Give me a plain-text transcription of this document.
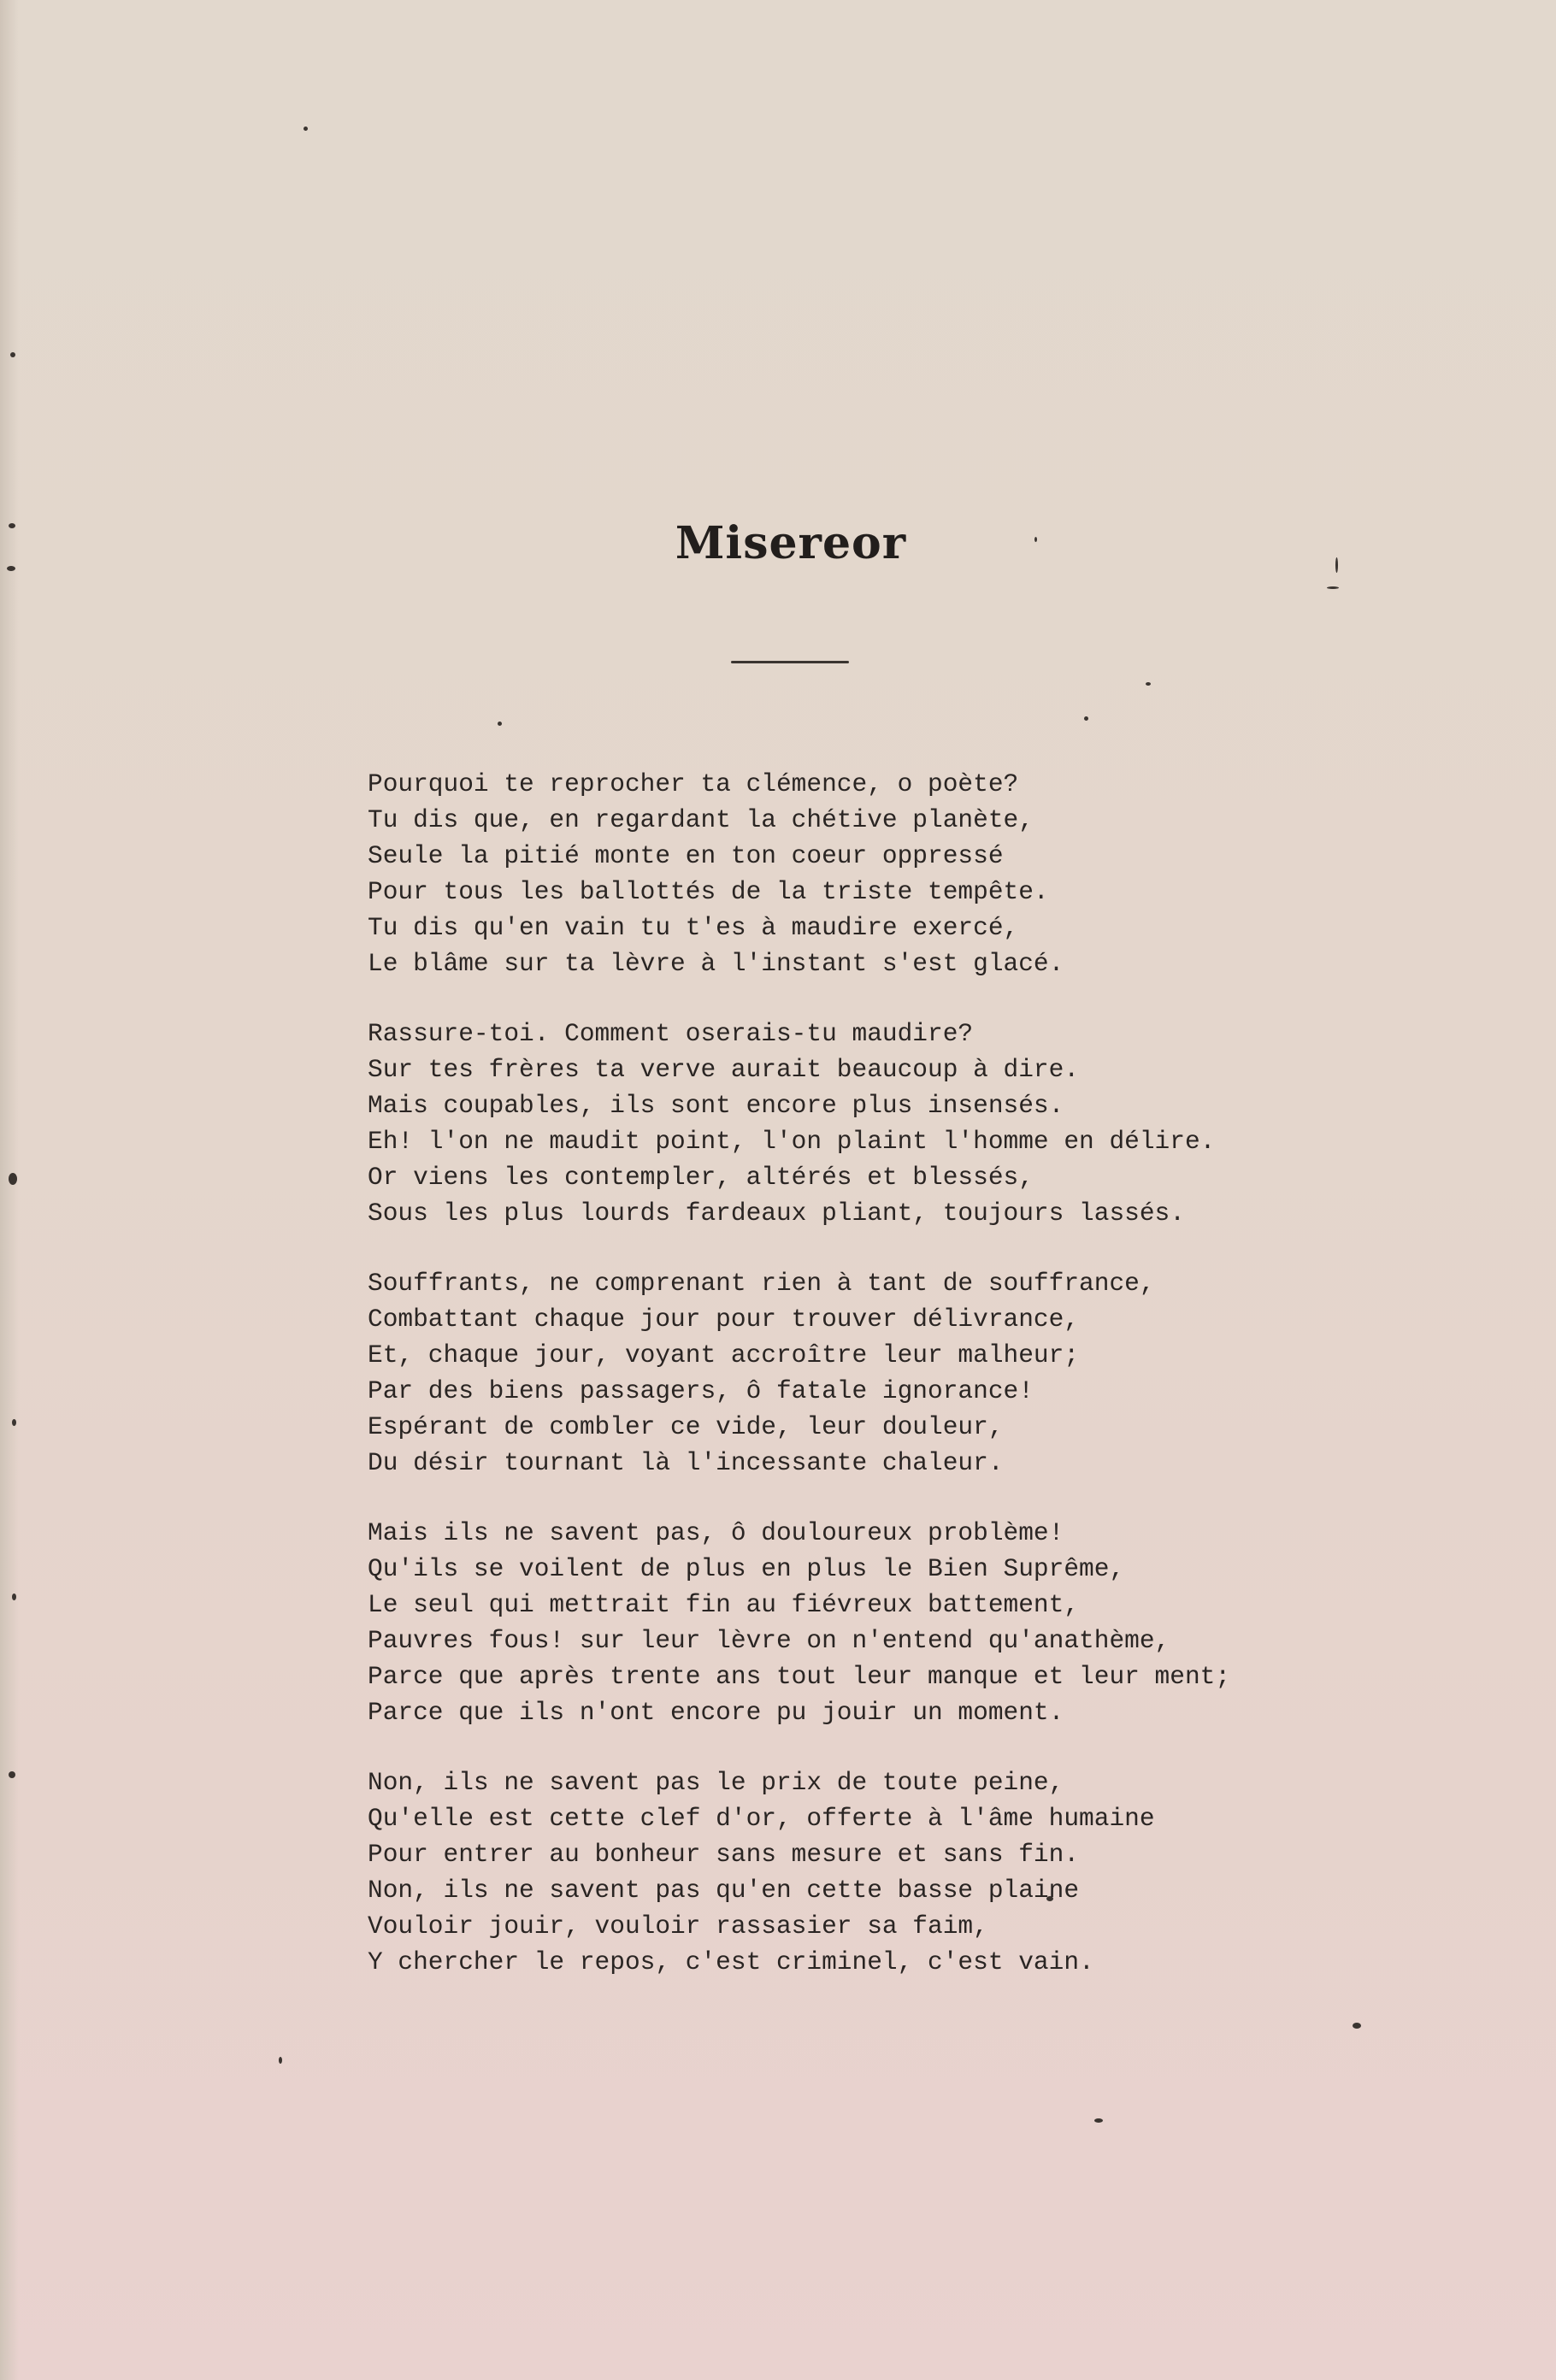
Misereor
Pourquoi te reprocher ta clémence, o poète?
Tu dis que, en regardant la chétive planète,
Seule la pitié monte en ton coeur oppressé
Pour tous les ballottés de la triste tempête.
Tu dis qu'en vain tu t'es à maudire exercé,
Le blâme sur ta lèvre à l'instant s'est glacé.
Rassure-toi. Comment oserais-tu maudire?
Sur tes frères ta verve aurait beaucoup à dire.
Mais coupables, ils sont encore plus insensés.
Eh! l'on ne maudit point, l'on plaint l'homme en délire.
Or viens les contempler, altérés et blessés,
Sous les plus lourds fardeaux pliant, toujours lassés.
Souffrants, ne comprenant rien à tant de souffrance,
Combattant chaque jour pour trouver délivrance,
Et, chaque jour, voyant accroître leur malheur;
Par des biens passagers, ô fatale ignorance!
Espérant de combler ce vide, leur douleur,
Du désir tournant là l'incessante chaleur.
Mais ils ne savent pas, ô douloureux problème!
Qu'ils se voilent de plus en plus le Bien Suprême,
Le seul qui mettrait fin au fiévreux battement,
Pauvres fous! sur leur lèvre on n'entend qu'anathème,
Parce que après trente ans tout leur manque et leur ment;
Parce que ils n'ont encore pu jouir un moment.
Non, ils ne savent pas le prix de toute peine,
Qu'elle est cette clef d'or, offerte à l'âme humaine
Pour entrer au bonheur sans mesure et sans fin.
Non, ils ne savent pas qu'en cette basse plaine
Vouloir jouir, vouloir rassasier sa faim,
Y chercher le repos, c'est criminel, c'est vain.
